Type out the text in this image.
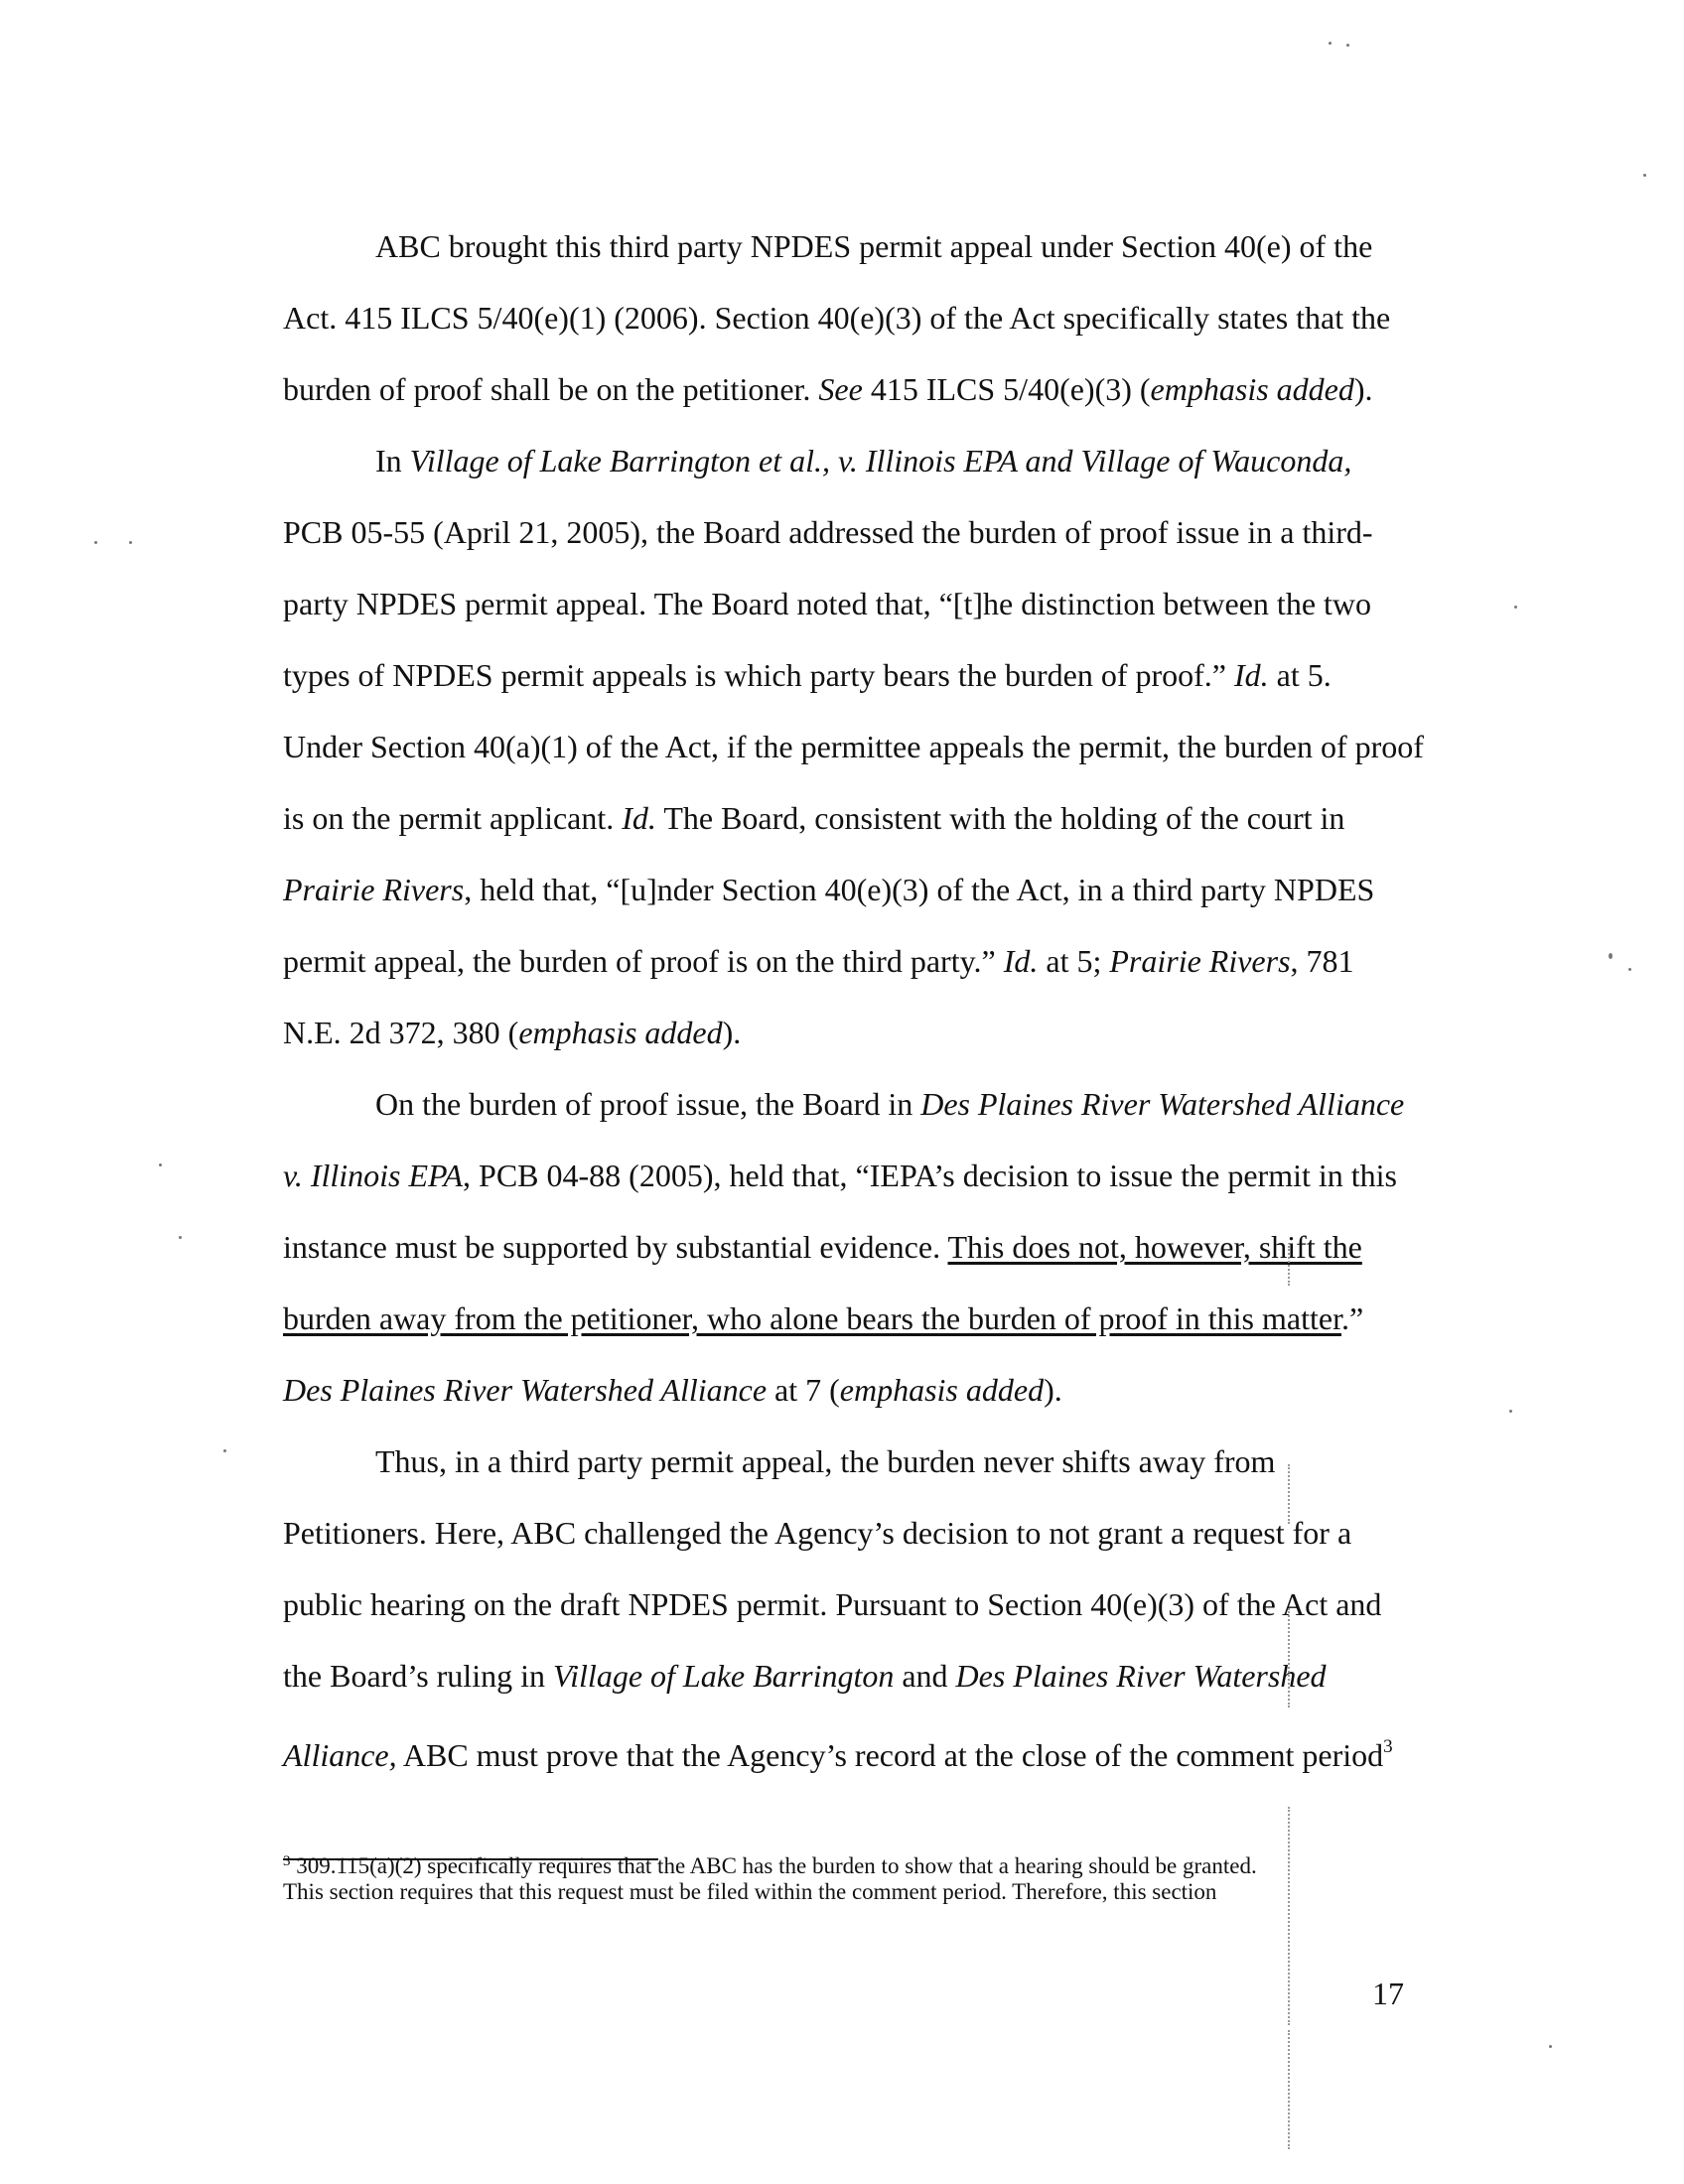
ABC brought this third party NPDES permit appeal under Section 40(e) of the
Act. 415 ILCS 5/40(e)(1) (2006). Section 40(e)(3) of the Act specifically states that the
burden of proof shall be on the petitioner. See 415 ILCS 5/40(e)(3) (emphasis added).
In Village of Lake Barrington et al., v. Illinois EPA and Village of Wauconda,
PCB 05-55 (April 21, 2005), the Board addressed the burden of proof issue in a third-
party NPDES permit appeal. The Board noted that, “[t]he distinction between the two
types of NPDES permit appeals is which party bears the burden of proof.” Id. at 5.
Under Section 40(a)(1) of the Act, if the permittee appeals the permit, the burden of proof
is on the permit applicant. Id. The Board, consistent with the holding of the court in
Prairie Rivers, held that, “[u]nder Section 40(e)(3) of the Act, in a third party NPDES
permit appeal, the burden of proof is on the third party.” Id. at 5; Prairie Rivers, 781
N.E. 2d 372, 380 (emphasis added).
On the burden of proof issue, the Board in Des Plaines River Watershed Alliance
v. Illinois EPA, PCB 04-88 (2005), held that, “IEPA’s decision to issue the permit in this
instance must be supported by substantial evidence. This does not, however, shift the
burden away from the petitioner, who alone bears the burden of proof in this matter.”
Des Plaines River Watershed Alliance at 7 (emphasis added).
Thus, in a third party permit appeal, the burden never shifts away from
Petitioners. Here, ABC challenged the Agency’s decision to not grant a request for a
public hearing on the draft NPDES permit. Pursuant to Section 40(e)(3) of the Act and
the Board’s ruling in Village of Lake Barrington and Des Plaines River Watershed
Alliance, ABC must prove that the Agency’s record at the close of the comment period$^3$
$^3$ 309.115(a)(2) specifically requires that the ABC has the burden to show that a hearing should be granted.
This section requires that this request must be filed within the comment period. Therefore, this section
17
